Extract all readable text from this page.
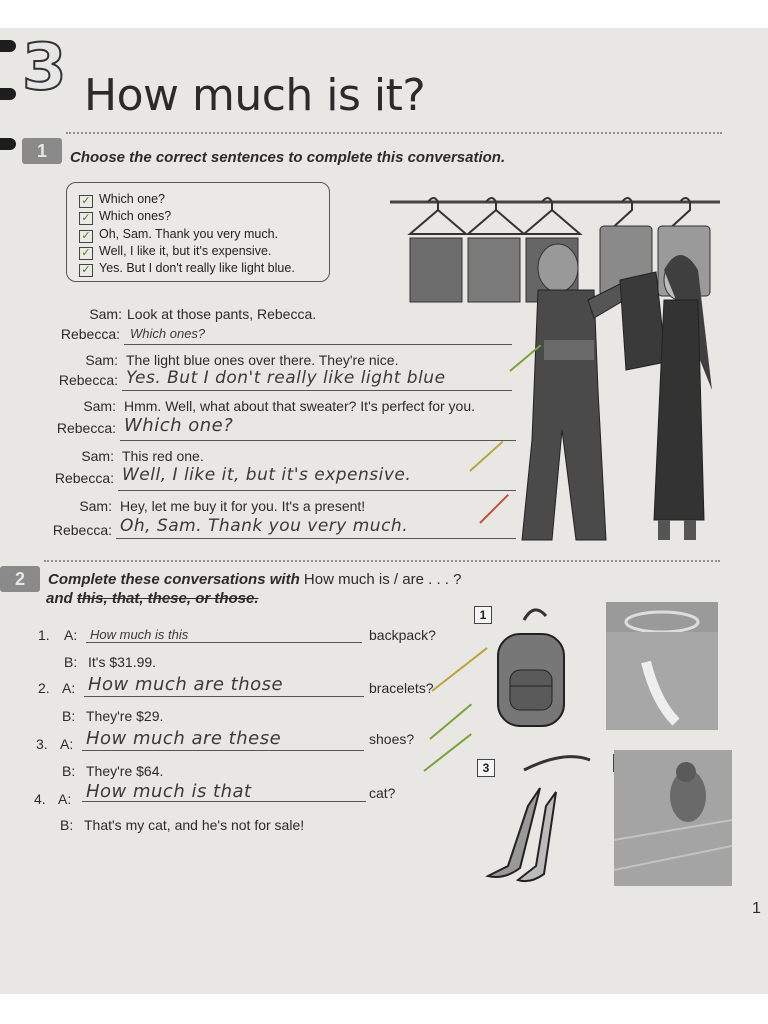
3 How much is it?
1	Choose the correct sentences to complete this conversation.
✓ Which one?
✓ Which ones?
✓ Oh, Sam. Thank you very much.
✓ Well, I like it, but it's expensive.
✓ Yes. But I don't really like light blue.
Sam: Look at those pants, Rebecca.
Rebecca: Which ones?
Sam: The light blue ones over there. They're nice.
Rebecca: Yes. But I don't really like light blue
Sam: Hmm. Well, what about that sweater? It's perfect for you.
Rebecca: Which one?
Sam: This red one.
Rebecca: Well, I like it, but it's expensive.
Sam: Hey, let me buy it for you. It's a present!
Rebecca: Oh, Sam. Thank you very much.
2	Complete these conversations with How much is / are . . . ?
and this, that, these, or those.
1. A: How much is this	backpack?
B: It's $31.99.
2. A: How much are those	bracelets?
B: They're $29.
3. A: How much are these	shoes?
B: They're $64.
4. A: How much is that	cat?
B: That's my cat, and he's not for sale!
1
3
1
